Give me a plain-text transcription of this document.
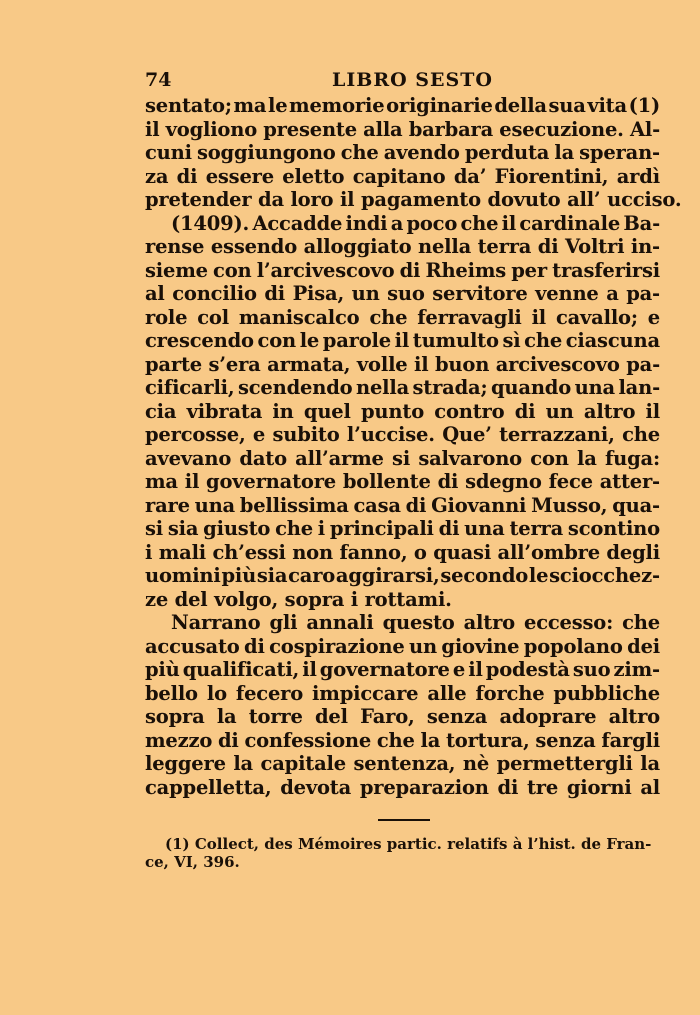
74	LIBRO SESTO
sentato; ma le memorie originarie della sua vita (1)
il vogliono presente alla barbara esecuzione. Al-
cuni soggiungono che avendo perduta la speran-
za di essere eletto capitano da’ Fiorentini, ardì
pretender da loro il pagamento dovuto all’ ucciso.
(1409). Accadde indi a poco che il cardinale Ba-
rense essendo alloggiato nella terra di Voltri in-
sieme con l’arcivescovo di Rheims per trasferirsi
al concilio di Pisa, un suo servitore venne a pa-
role col maniscalco che ferravagli il cavallo; e
crescendo con le parole il tumulto sì che ciascuna
parte s’era armata, volle il buon arcivescovo pa-
cificarli, scendendo nella strada; quando una lan-
cia vibrata in quel punto contro di un altro il
percosse, e subito l’uccise. Que’ terrazzani, che
avevano dato all’arme si salvarono con la fuga:
ma il governatore bollente di sdegno fece atter-
rare una bellissima casa di Giovanni Musso, qua-
si sia giusto che i principali di una terra scontino
i mali ch’essi non fanno, o quasi all’ombre degli
uomini più sia caro aggirarsi, secondo le sciocchez-
ze del volgo, sopra i rottami.
Narrano gli annali questo altro eccesso: che
accusato di cospirazione un giovine popolano dei
più qualificati, il governatore e il podestà suo zim-
bello lo fecero impiccare alle forche pubbliche
sopra la torre del Faro, senza adoprare altro
mezzo di confessione che la tortura, senza fargli
leggere la capitale sentenza, nè permettergli la
cappelletta, devota preparazion di tre giorni al
(1) Collect, des Mémoires partic. relatifs à l’hist. de Fran-
ce, VI, 396.
